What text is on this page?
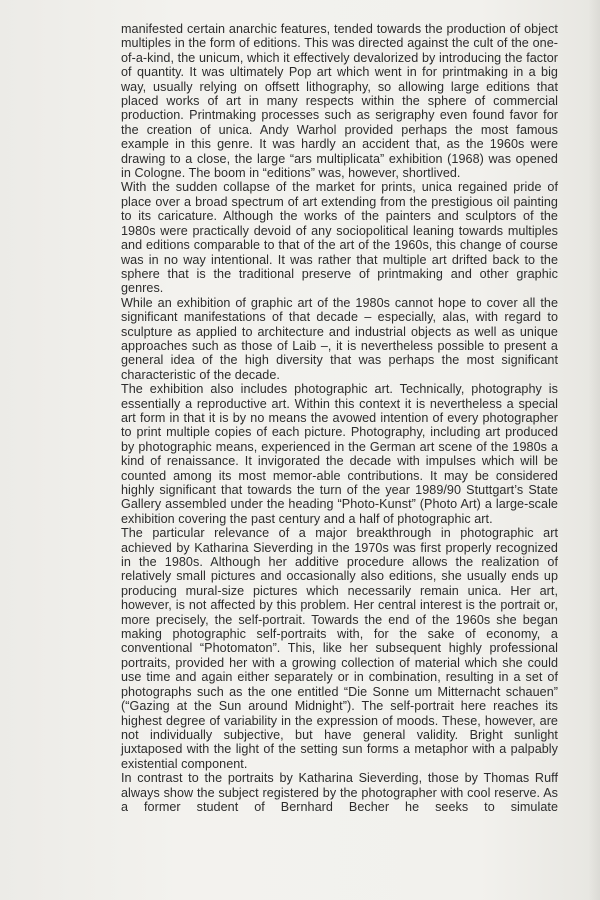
manifested certain anarchic features, tended towards the production of object multiples in the form of editions. This was directed against the cult of the one-of-a-kind, the unicum, which it effectively devalorized by introducing the factor of quantity. It was ultimately Pop art which went in for printmaking in a big way, usually relying on offsett lithography, so allowing large editions that placed works of art in many respects within the sphere of commercial production. Printmaking processes such as serigraphy even found favor for the creation of unica. Andy Warhol provided perhaps the most famous example in this genre. It was hardly an accident that, as the 1960s were drawing to a close, the large “ars multiplicata” exhibition (1968) was opened in Cologne. The boom in “editions” was, however, shortlived.

With the sudden collapse of the market for prints, unica regained pride of place over a broad spectrum of art extending from the prestigious oil painting to its caricature. Although the works of the painters and sculptors of the 1980s were practically devoid of any sociopolitical leaning towards multiples and editions comparable to that of the art of the 1960s, this change of course was in no way intentional. It was rather that multiple art drifted back to the sphere that is the traditional preserve of printmaking and other graphic genres.

While an exhibition of graphic art of the 1980s cannot hope to cover all the significant manifestations of that decade – especially, alas, with regard to sculpture as applied to architecture and industrial objects as well as unique approaches such as those of Laib –, it is nevertheless possible to present a general idea of the high diversity that was perhaps the most significant characteristic of the decade.

The exhibition also includes photographic art. Technically, photography is essentially a reproductive art. Within this context it is nevertheless a special art form in that it is by no means the avowed intention of every photographer to print multiple copies of each picture. Photography, including art produced by photographic means, experienced in the German art scene of the 1980s a kind of renaissance. It invigorated the decade with impulses which will be counted among its most memor-able contributions. It may be considered highly significant that towards the turn of the year 1989/90 Stuttgart’s State Gallery assembled under the heading “Photo-Kunst” (Photo Art) a large-scale exhibition covering the past century and a half of photographic art.

The particular relevance of a major breakthrough in photographic art achieved by Katharina Sieverding in the 1970s was first properly recognized in the 1980s. Although her additive procedure allows the realization of relatively small pictures and occasionally also editions, she usually ends up producing mural-size pictures which necessarily remain unica. Her art, however, is not affected by this problem. Her central interest is the portrait or, more precisely, the self-portrait. Towards the end of the 1960s she began making photographic self-portraits with, for the sake of economy, a conventional “Photomaton”. This, like her subsequent highly professional portraits, provided her with a growing collection of material which she could use time and again either separately or in combination, resulting in a set of photographs such as the one entitled “Die Sonne um Mitternacht schauen” (“Gazing at the Sun around Midnight”). The self-portrait here reaches its highest degree of variability in the expression of moods. These, however, are not individually subjective, but have general validity. Bright sunlight juxtaposed with the light of the setting sun forms a metaphor with a palpably existential component.

In contrast to the portraits by Katharina Sieverding, those by Thomas Ruff always show the subject registered by the photographer with cool reserve. As a former student of Bernhard Becher he seeks to simulate
